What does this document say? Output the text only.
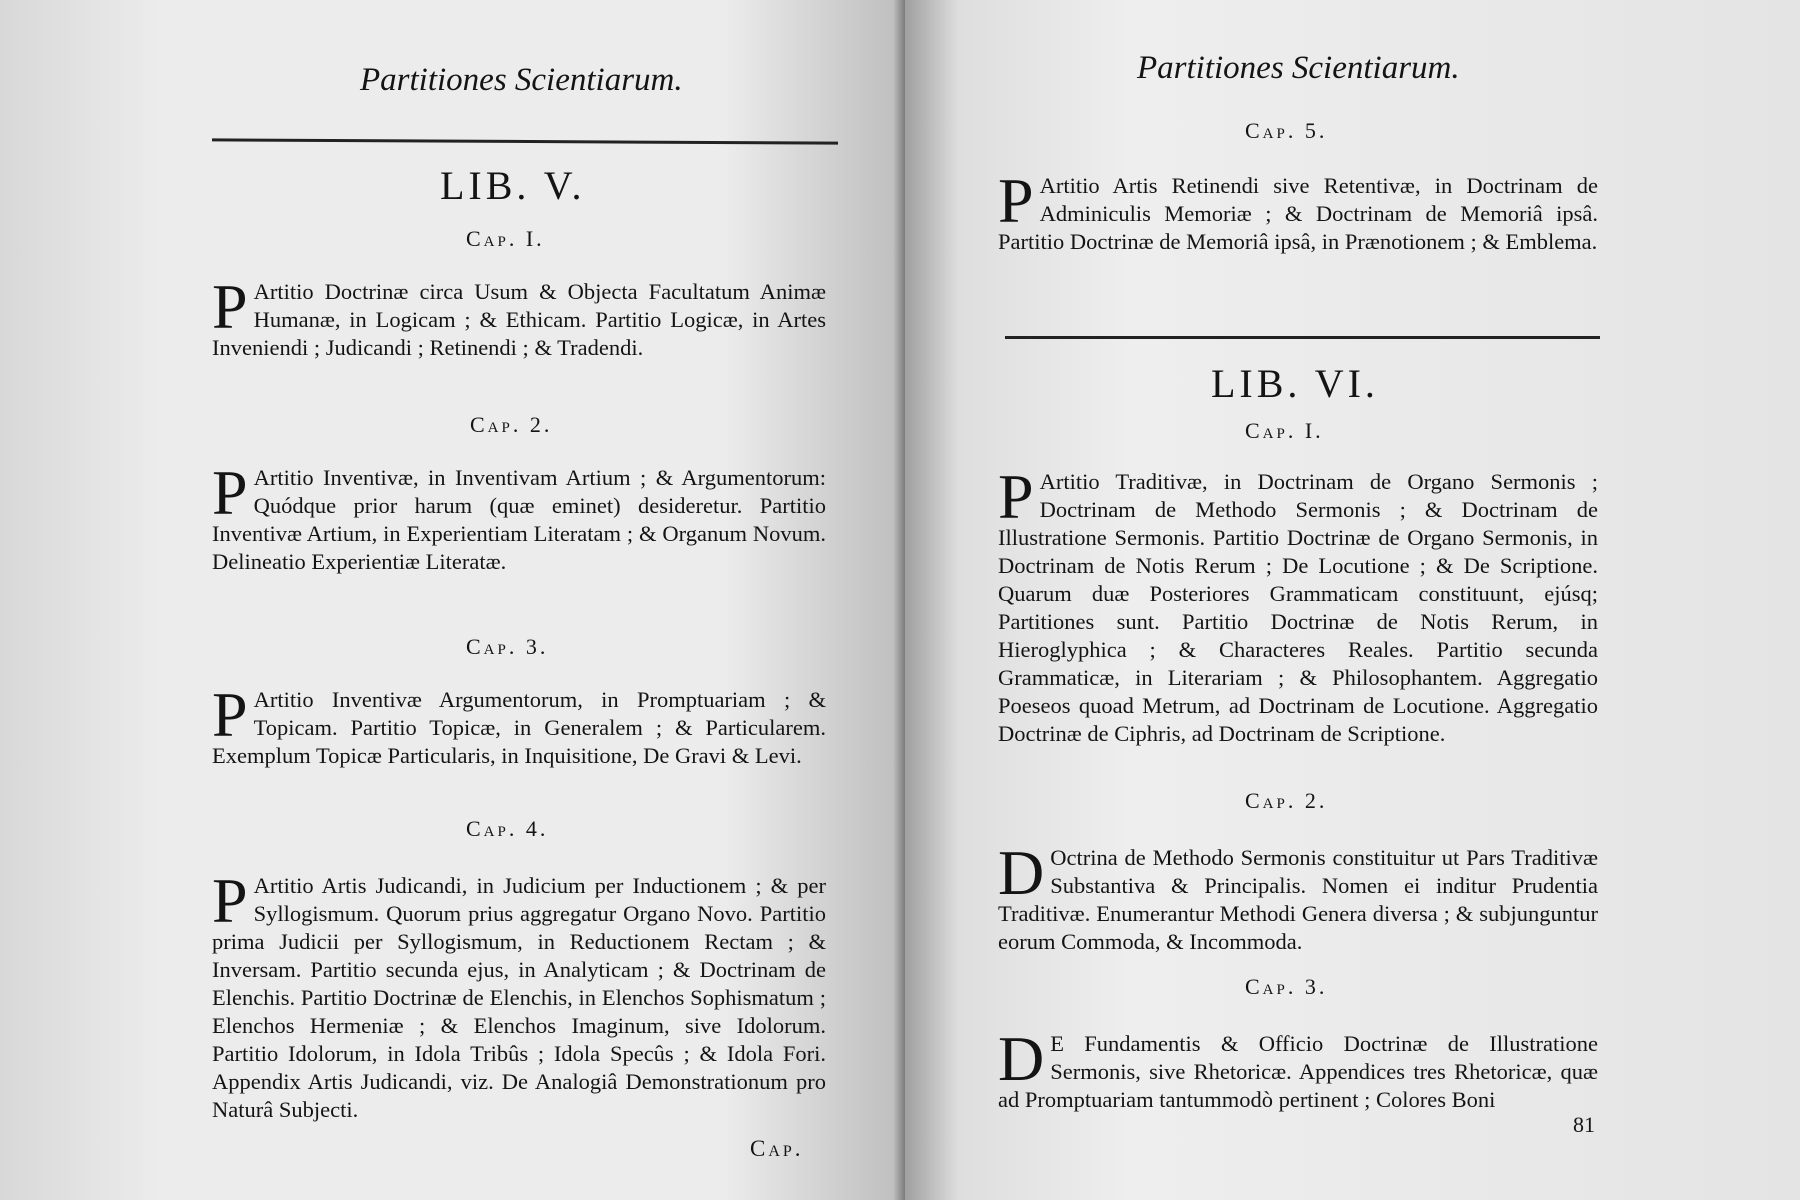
Partitiones Scientiarum.
LIB. V.
Cap. I.
P Artitio Doctrinæ circa Usum & Objecta Facultatum Animæ Humanæ, in Logicam ; & Ethicam. Partitio Logicæ, in Artes Inveniendi ; Judicandi ; Retinendi ; & Tradendi.
Cap. 2.
P Artitio Inventivæ, in Inventivam Artium ; & Argumentorum: Quódque prior harum (quæ eminet) desideretur. Partitio Inventivæ Artium, in Experientiam Literatam ; & Organum Novum. Delineatio Experientiæ Literatæ.
Cap. 3.
P Artitio Inventivæ Argumentorum, in Promptuariam ; & Topicam. Partitio Topicæ, in Generalem ; & Particularem. Exemplum Topicæ Particularis, in Inquisitione, De Gravi & Levi.
Cap. 4.
P Artitio Artis Judicandi, in Judicium per Inductionem ; & per Syllogismum. Quorum prius aggregatur Organo Novo. Partitio prima Judicii per Syllogismum, in Reductionem Rectam ; & Inversam. Partitio secunda ejus, in Analyticam ; & Doctrinam de Elenchis. Partitio Doctrinæ de Elenchis, in Elenchos Sophismatum ; Elenchos Hermeniæ ; & Elenchos Imaginum, sive Idolorum. Partitio Idolorum, in Idola Tribûs ; Idola Specûs ; & Idola Fori. Appendix Artis Judicandi, viz. De Analogiâ Demonstrationum pro Naturâ Subjecti.
Cap.
Partitiones Scientiarum.
Cap. 5.
P Artitio Artis Retinendi sive Retentivæ, in Doctrinam de Adminiculis Memoriæ ; & Doctrinam de Memoriâ ipsâ. Partitio Doctrinæ de Memoriâ ipsâ, in Prænotionem ; & Emblema.
LIB. VI.
Cap. I.
P Artitio Traditivæ, in Doctrinam de Organo Sermonis ; Doctrinam de Methodo Sermonis ; & Doctrinam de Illustratione Sermonis. Partitio Doctrinæ de Organo Sermonis, in Doctrinam de Notis Rerum ; De Locutione ; & De Scriptione. Quarum duæ Posteriores Grammaticam constituunt, ejúsq; Partitiones sunt. Partitio Doctrinæ de Notis Rerum, in Hieroglyphica ; & Characteres Reales. Partitio secunda Grammaticæ, in Literariam ; & Philosophantem. Aggregatio Poeseos quoad Metrum, ad Doctrinam de Locutione. Aggregatio Doctrinæ de Ciphris, ad Doctrinam de Scriptione.
Cap. 2.
D Octrina de Methodo Sermonis constituitur ut Pars Traditivæ Substantiva & Principalis. Nomen ei inditur Prudentia Traditivæ. Enumerantur Methodi Genera diversa ; & subjunguntur eorum Commoda, & Incommoda.
Cap. 3.
D E Fundamentis & Officio Doctrinæ de Illustratione Sermonis, sive Rhetoricæ. Appendices tres Rhetoricæ, quæ ad Promptuariam tantummodò pertinent ; Colores Boni
81
